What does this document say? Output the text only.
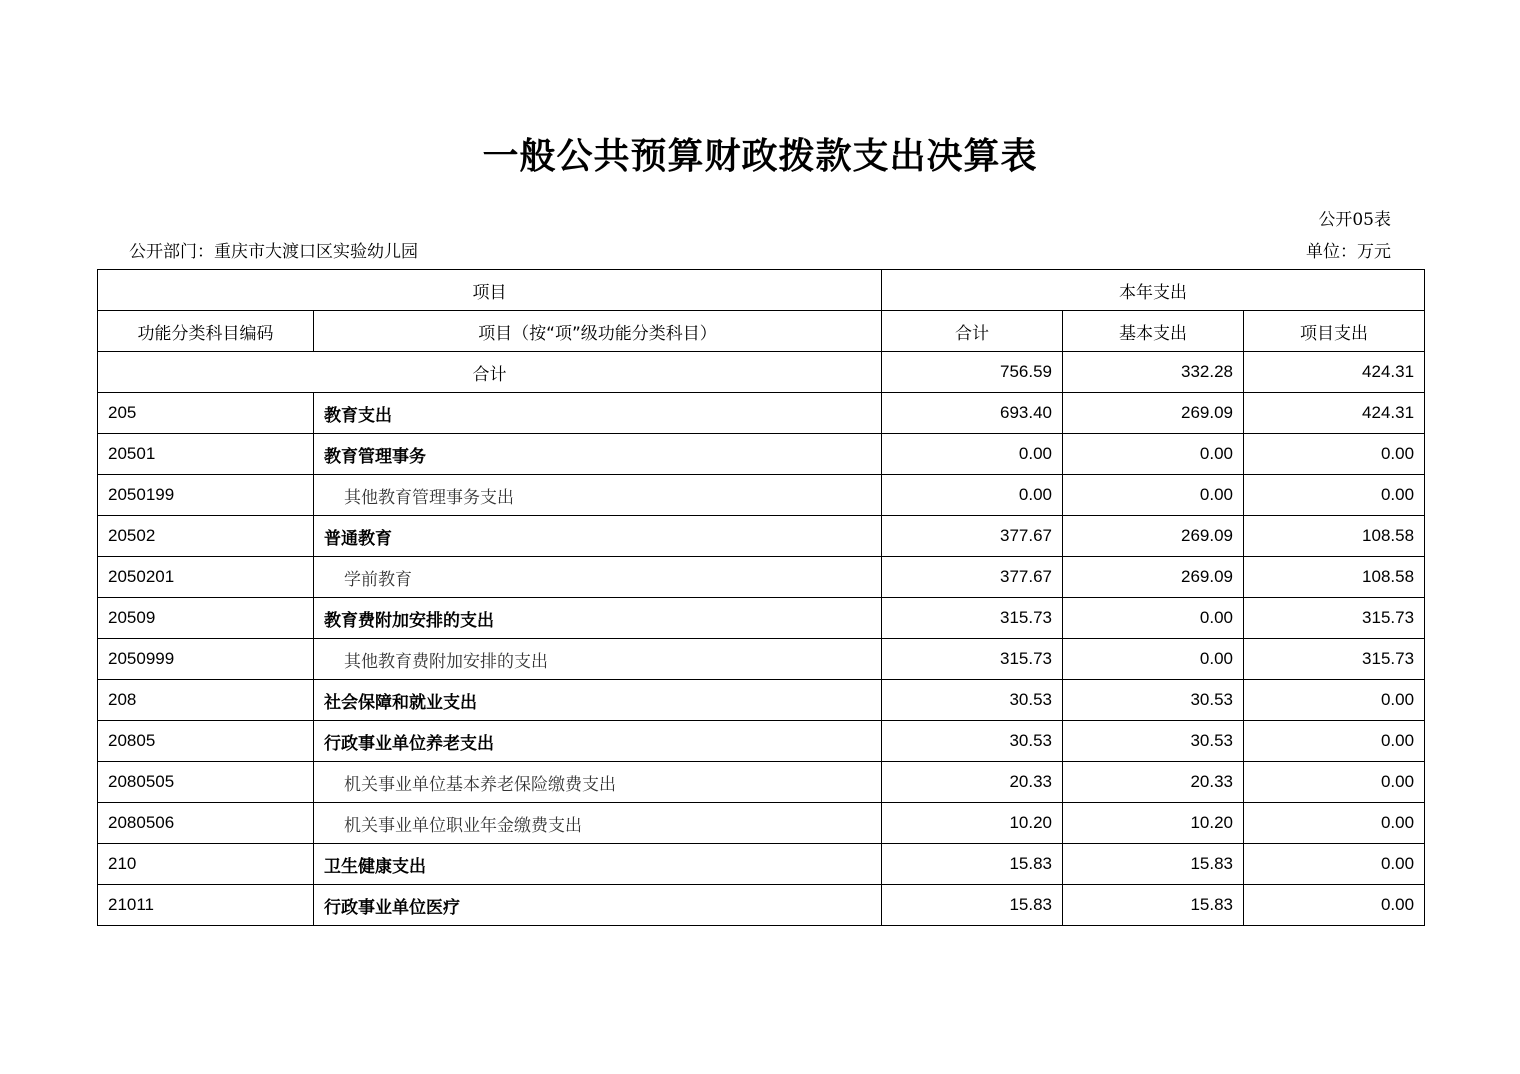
一般公共预算财政拨款支出决算表
公开05表
公开部门：重庆市大渡口区实验幼儿园	单位：万元
项目		本年支出		
功能分类科目编码	项目（按“项”级功能分类科目）	合计	基本支出	项目支出
合计		756.59	332.28	424.31
205	教育支出	693.40	269.09	424.31
20501	教育管理事务	0.00	0.00	0.00
2050199	其他教育管理事务支出	0.00	0.00	0.00
20502	普通教育	377.67	269.09	108.58
2050201	学前教育	377.67	269.09	108.58
20509	教育费附加安排的支出	315.73	0.00	315.73
2050999	其他教育费附加安排的支出	315.73	0.00	315.73
208	社会保障和就业支出	30.53	30.53	0.00
20805	行政事业单位养老支出	30.53	30.53	0.00
2080505	机关事业单位基本养老保险缴费支出	20.33	20.33	0.00
2080506	机关事业单位职业年金缴费支出	10.20	10.20	0.00
210	卫生健康支出	15.83	15.83	0.00
21011	行政事业单位医疗	15.83	15.83	0.00
